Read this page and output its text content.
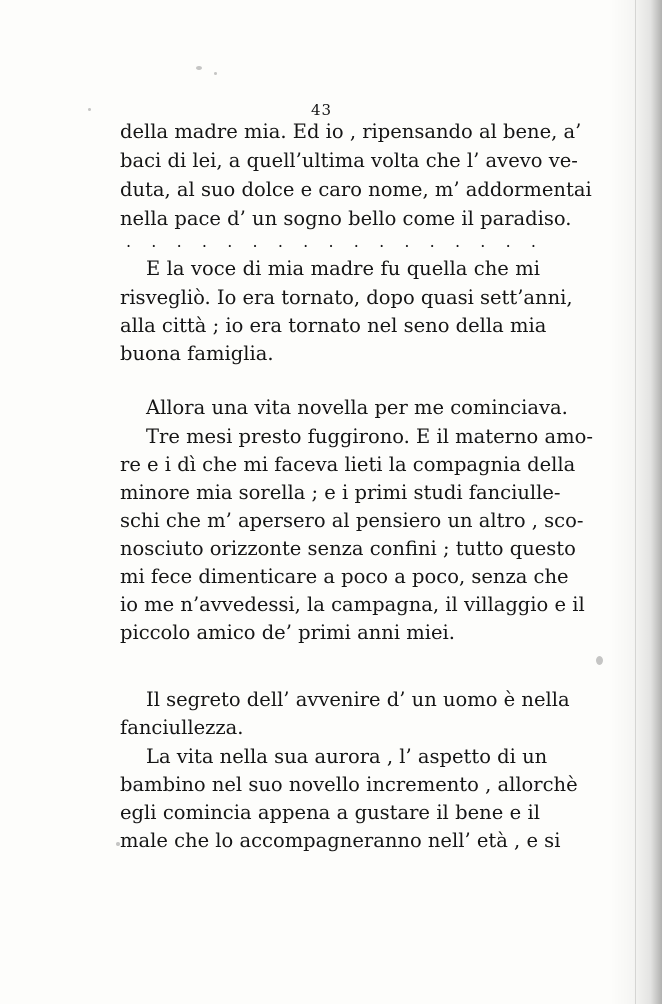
43
della madre mia. Ed io , ripensando al bene, a’
baci di lei, a quell’ultima volta che l’ avevo ve-
duta, al suo dolce e caro nome, m’ addormentai
nella pace d’ un sogno bello come il paradiso.
. . . . . . . . . . . . . . . . .
E la voce di mia madre fu quella che mi
risvegliò. Io era tornato, dopo quasi sett’anni,
alla città ; io era tornato nel seno della mia
buona famiglia.
Allora una vita novella per me cominciava.
Tre mesi presto fuggirono. E il materno amo-
re e i dì che mi faceva lieti la compagnia della
minore mia sorella ; e i primi studi fanciulle-
schi che m’ apersero al pensiero un altro , sco-
nosciuto orizzonte senza confini ; tutto questo
mi fece dimenticare a poco a poco, senza che
io me n’avvedessi, la campagna, il villaggio e il
piccolo amico de’ primi anni miei.
Il segreto dell’ avvenire d’ un uomo è nella
fanciullezza.
La vita nella sua aurora , l’ aspetto di un
bambino nel suo novello incremento , allorchè
egli comincia appena a gustare il bene e il
male che lo accompagneranno nell’ età , e si
